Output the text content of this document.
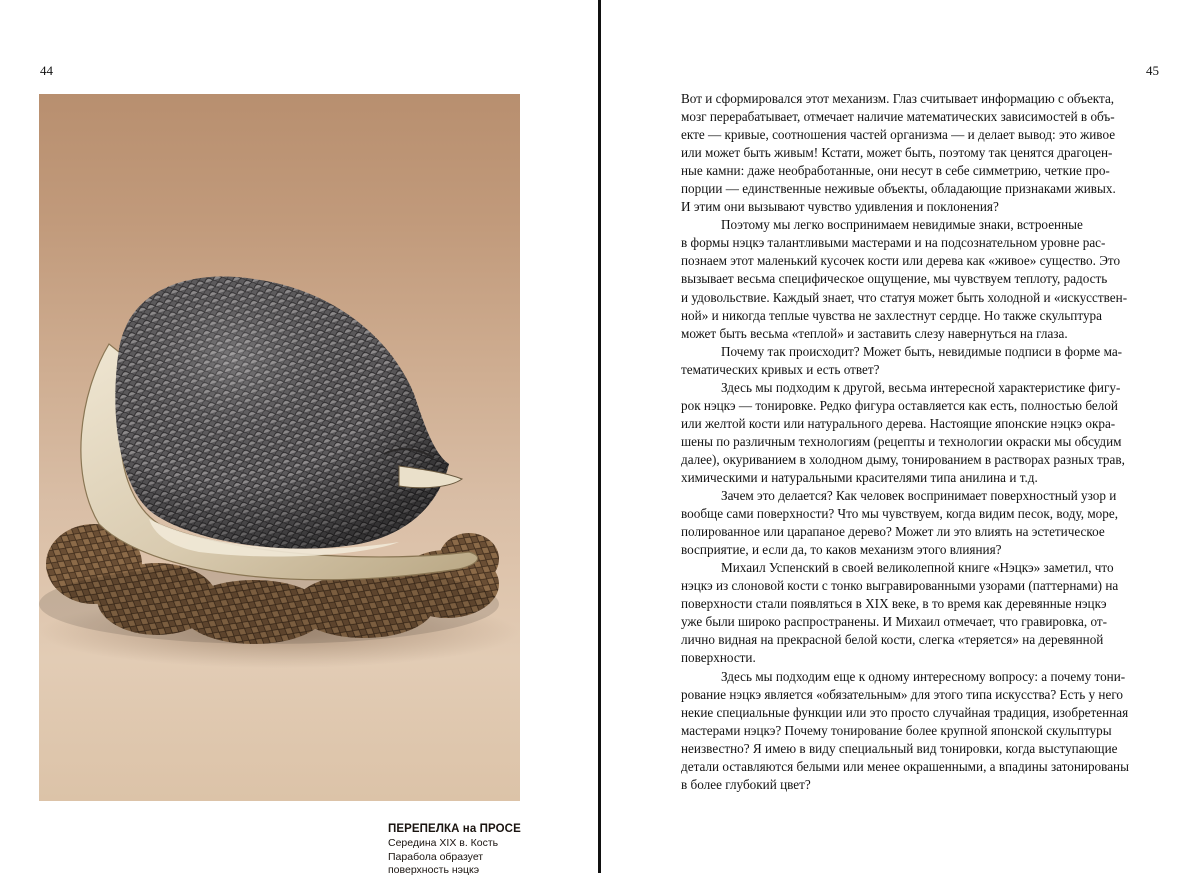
44
ПЕРЕПЕЛКА на ПРОСЕ
Середина XIX в. Кость
Парабола образует
поверхность нэцкэ
45
Вот и сформировался этот механизм. Глаз считывает информацию с объекта,
мозг перерабатывает, отмечает наличие математических зависимостей в объ-
екте — кривые, соотношения частей организма — и делает вывод: это живое
или может быть живым! Кстати, может быть, поэтому так ценятся драгоцен-
ные камни: даже необработанные, они несут в себе симметрию, четкие про-
порции — единственные неживые объекты, обладающие признаками живых.
И этим они вызывают чувство удивления и поклонения?
Поэтому мы легко воспринимаем невидимые знаки, встроенные
в формы нэцкэ талантливыми мастерами и на подсознательном уровне рас-
познаем этот маленький кусочек кости или дерева как «живое» существо. Это
вызывает весьма специфическое ощущение, мы чувствуем теплоту, радость
и удовольствие. Каждый знает, что статуя может быть холодной и «искусствен-
ной» и никогда теплые чувства не захлестнут сердце. Но также скульптура
может быть весьма «теплой» и заставить слезу навернуться на глаза.
Почему так происходит? Может быть, невидимые подписи в форме ма-
тематических кривых и есть ответ?
Здесь мы подходим к другой, весьма интересной характеристике фигу-
рок нэцкэ — тонировке. Редко фигура оставляется как есть, полностью белой
или желтой кости или натурального дерева. Настоящие японские нэцкэ окра-
шены по различным технологиям (рецепты и технологии окраски мы обсудим
далее), окуриванием в холодном дыму, тонированием в растворах разных трав,
химическими и натуральными красителями типа анилина и т.д.
Зачем это делается? Как человек воспринимает поверхностный узор и
вообще сами поверхности? Что мы чувствуем, когда видим песок, воду, море,
полированное или царапаное дерево? Может ли это влиять на эстетическое
восприятие, и если да, то каков механизм этого влияния?
Михаил Успенский в своей великолепной книге «Нэцкэ» заметил, что
нэцкэ из слоновой кости с тонко выгравированными узорами (паттернами) на
поверхности стали появляться в XIX веке, в то время как деревянные нэцкэ
уже были широко распространены. И Михаил отмечает, что гравировка, от-
лично видная на прекрасной белой кости, слегка «теряется» на деревянной
поверхности.
Здесь мы подходим еще к одному интересному вопросу: а почему тони-
рование нэцкэ является «обязательным» для этого типа искусства? Есть у него
некие специальные функции или это просто случайная традиция, изобретенная
мастерами нэцкэ? Почему тонирование более крупной японской скульптуры
неизвестно? Я имею в виду специальный вид тонировки, когда выступающие
детали оставляются белыми или менее окрашенными, а впадины затонированы
в более глубокий цвет?
